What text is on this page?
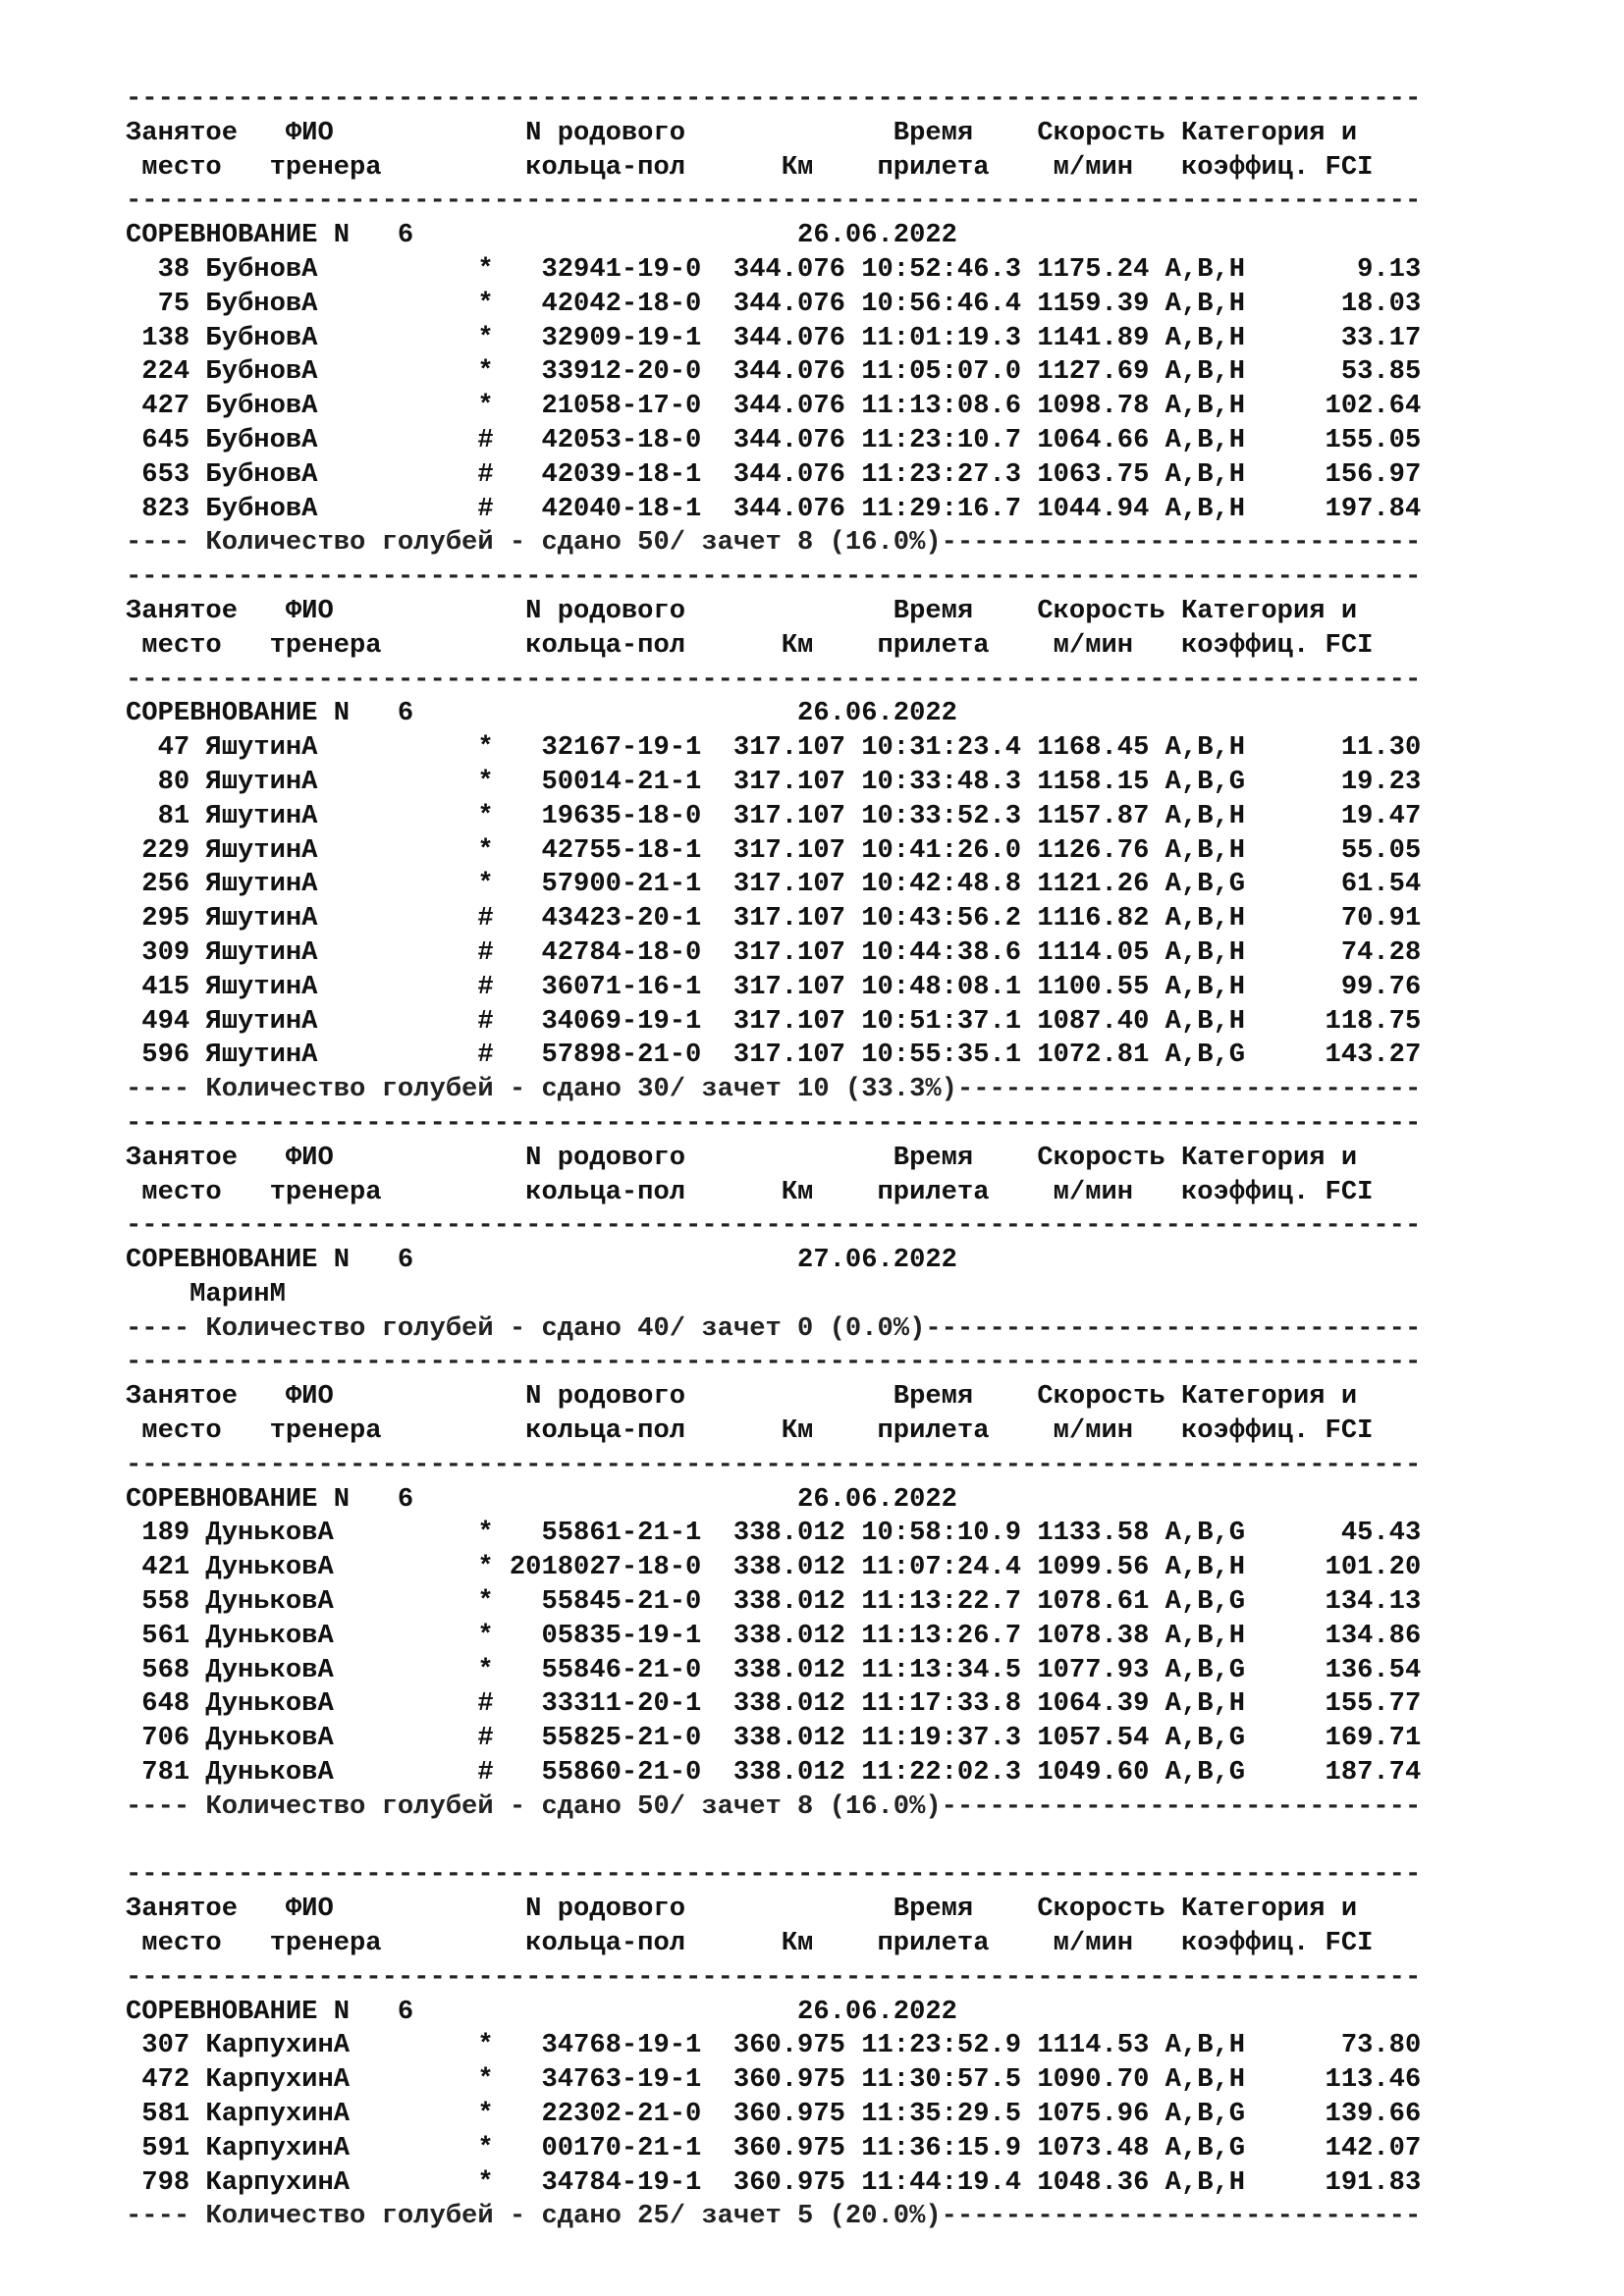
---------------------------------------------------------------------------------
Занятое   ФИО            N родового             Время    Скорость Категория и
место   тренера         кольца-пол      Км    прилета    м/мин   коэффиц. FCI
---------------------------------------------------------------------------------
СОРЕВНОВАНИЕ N   6                        26.06.2022
38 БубновА          *   32941-19-0  344.076 10:52:46.3 1175.24 A,B,H       9.13
75 БубновА          *   42042-18-0  344.076 10:56:46.4 1159.39 A,B,H      18.03
138 БубновА          *   32909-19-1  344.076 11:01:19.3 1141.89 A,B,H      33.17
224 БубновА          *   33912-20-0  344.076 11:05:07.0 1127.69 A,B,H      53.85
427 БубновА          *   21058-17-0  344.076 11:13:08.6 1098.78 A,B,H     102.64
645 БубновА          #   42053-18-0  344.076 11:23:10.7 1064.66 A,B,H     155.05
653 БубновА          #   42039-18-1  344.076 11:23:27.3 1063.75 A,B,H     156.97
823 БубновА          #   42040-18-1  344.076 11:29:16.7 1044.94 A,B,H     197.84
---- Количество голубей - сдано 50/ зачет 8 (16.0%)------------------------------
---------------------------------------------------------------------------------
Занятое   ФИО            N родового             Время    Скорость Категория и
место   тренера         кольца-пол      Км    прилета    м/мин   коэффиц. FCI
---------------------------------------------------------------------------------
СОРЕВНОВАНИЕ N   6                        26.06.2022
47 ЯшутинА          *   32167-19-1  317.107 10:31:23.4 1168.45 A,B,H      11.30
80 ЯшутинА          *   50014-21-1  317.107 10:33:48.3 1158.15 A,B,G      19.23
81 ЯшутинА          *   19635-18-0  317.107 10:33:52.3 1157.87 A,B,H      19.47
229 ЯшутинА          *   42755-18-1  317.107 10:41:26.0 1126.76 A,B,H      55.05
256 ЯшутинА          *   57900-21-1  317.107 10:42:48.8 1121.26 A,B,G      61.54
295 ЯшутинА          #   43423-20-1  317.107 10:43:56.2 1116.82 A,B,H      70.91
309 ЯшутинА          #   42784-18-0  317.107 10:44:38.6 1114.05 A,B,H      74.28
415 ЯшутинА          #   36071-16-1  317.107 10:48:08.1 1100.55 A,B,H      99.76
494 ЯшутинА          #   34069-19-1  317.107 10:51:37.1 1087.40 A,B,H     118.75
596 ЯшутинА          #   57898-21-0  317.107 10:55:35.1 1072.81 A,B,G     143.27
---- Количество голубей - сдано 30/ зачет 10 (33.3%)-----------------------------
---------------------------------------------------------------------------------
Занятое   ФИО            N родового             Время    Скорость Категория и
место   тренера         кольца-пол      Км    прилета    м/мин   коэффиц. FCI
---------------------------------------------------------------------------------
СОРЕВНОВАНИЕ N   6                        27.06.2022
МаринМ
---- Количество голубей - сдано 40/ зачет 0 (0.0%)-------------------------------
---------------------------------------------------------------------------------
Занятое   ФИО            N родового             Время    Скорость Категория и
место   тренера         кольца-пол      Км    прилета    м/мин   коэффиц. FCI
---------------------------------------------------------------------------------
СОРЕВНОВАНИЕ N   6                        26.06.2022
189 ДуньковА         *   55861-21-1  338.012 10:58:10.9 1133.58 A,B,G      45.43
421 ДуньковА         * 2018027-18-0  338.012 11:07:24.4 1099.56 A,B,H     101.20
558 ДуньковА         *   55845-21-0  338.012 11:13:22.7 1078.61 A,B,G     134.13
561 ДуньковА         *   05835-19-1  338.012 11:13:26.7 1078.38 A,B,H     134.86
568 ДуньковА         *   55846-21-0  338.012 11:13:34.5 1077.93 A,B,G     136.54
648 ДуньковА         #   33311-20-1  338.012 11:17:33.8 1064.39 A,B,H     155.77
706 ДуньковА         #   55825-21-0  338.012 11:19:37.3 1057.54 A,B,G     169.71
781 ДуньковА         #   55860-21-0  338.012 11:22:02.3 1049.60 A,B,G     187.74
---- Количество голубей - сдано 50/ зачет 8 (16.0%)------------------------------
---------------------------------------------------------------------------------
Занятое   ФИО            N родового             Время    Скорость Категория и
место   тренера         кольца-пол      Км    прилета    м/мин   коэффиц. FCI
---------------------------------------------------------------------------------
СОРЕВНОВАНИЕ N   6                        26.06.2022
307 КарпухинА        *   34768-19-1  360.975 11:23:52.9 1114.53 A,B,H      73.80
472 КарпухинА        *   34763-19-1  360.975 11:30:57.5 1090.70 A,B,H     113.46
581 КарпухинА        *   22302-21-0  360.975 11:35:29.5 1075.96 A,B,G     139.66
591 КарпухинА        *   00170-21-1  360.975 11:36:15.9 1073.48 A,B,G     142.07
798 КарпухинА        *   34784-19-1  360.975 11:44:19.4 1048.36 A,B,H     191.83
---- Количество голубей - сдано 25/ зачет 5 (20.0%)------------------------------
